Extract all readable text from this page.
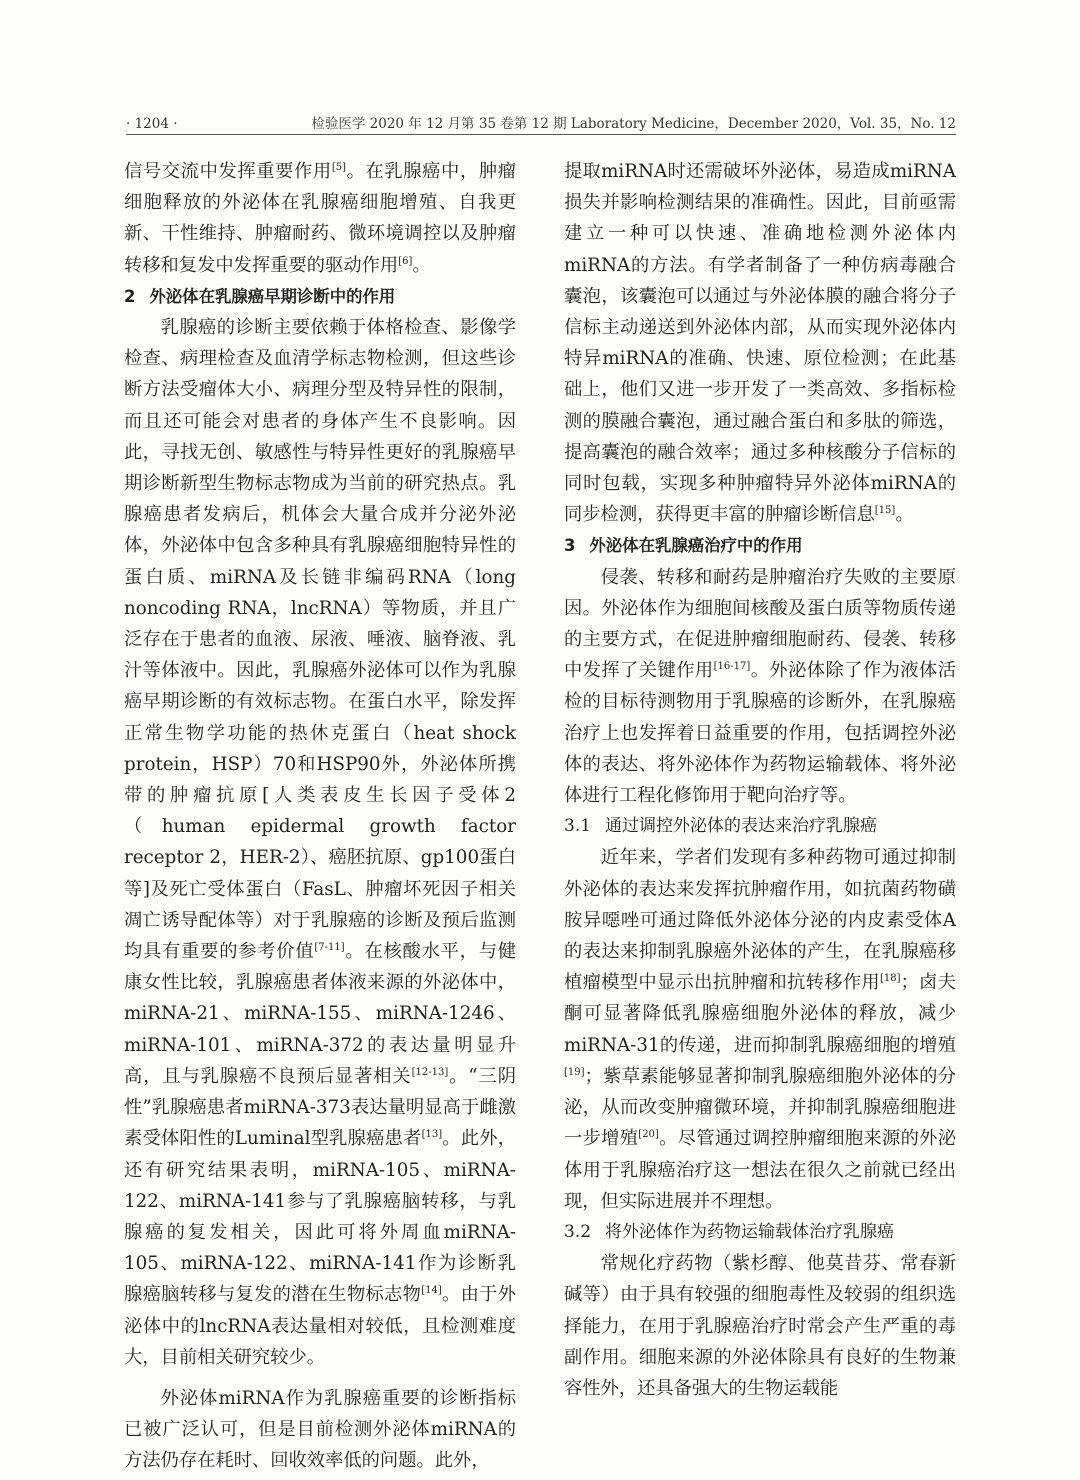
· 1204 ·	检验医学 2020 年 12 月第 35 卷第 12 期 Laboratory Medicine，December 2020，Vol. 35，No. 12

信号交流中发挥重要作用[5]。在乳腺癌中，肿瘤细胞释放的外泌体在乳腺癌细胞增殖、自我更新、干性维持、肿瘤耐药、微环境调控以及肿瘤转移和复发中发挥重要的驱动作用[6]。

2 外泌体在乳腺癌早期诊断中的作用

乳腺癌的诊断主要依赖于体格检查、影像学检查、病理检查及血清学标志物检测，但这些诊断方法受瘤体大小、病理分型及特异性的限制，而且还可能会对患者的身体产生不良影响。因此，寻找无创、敏感性与特异性更好的乳腺癌早期诊断新型生物标志物成为当前的研究热点。乳腺癌患者发病后，机体会大量合成并分泌外泌体，外泌体中包含多种具有乳腺癌细胞特异性的蛋白质、miRNA及长链非编码RNA（long noncoding RNA，lncRNA）等物质，并且广泛存在于患者的血液、尿液、唾液、脑脊液、乳汁等体液中。因此，乳腺癌外泌体可以作为乳腺癌早期诊断的有效标志物。在蛋白水平，除发挥正常生物学功能的热休克蛋白（heat shock protein，HSP）70和HSP90外，外泌体所携带的肿瘤抗原[人类表皮生长因子受体2（human epidermal growth factor receptor 2，HER-2）、癌胚抗原、gp100蛋白等]及死亡受体蛋白（FasL、肿瘤坏死因子相关凋亡诱导配体等）对于乳腺癌的诊断及预后监测均具有重要的参考价值[7-11]。在核酸水平，与健康女性比较，乳腺癌患者体液来源的外泌体中，miRNA-21、miRNA-155、miRNA-1246、miRNA-101、miRNA-372的表达量明显升高，且与乳腺癌不良预后显著相关[12-13]。“三阴性”乳腺癌患者miRNA-373表达量明显高于雌激素受体阳性的Luminal型乳腺癌患者[13]。此外，还有研究结果表明，miRNA-105、miRNA-122、miRNA-141参与了乳腺癌脑转移，与乳腺癌的复发相关，因此可将外周血miRNA-105、miRNA-122、miRNA-141作为诊断乳腺癌脑转移与复发的潜在生物标志物[14]。由于外泌体中的lncRNA表达量相对较低，且检测难度大，目前相关研究较少。

外泌体miRNA作为乳腺癌重要的诊断指标已被广泛认可，但是目前检测外泌体miRNA的方法仍存在耗时、回收效率低的问题。此外，

提取miRNA时还需破坏外泌体，易造成miRNA损失并影响检测结果的准确性。因此，目前亟需建立一种可以快速、准确地检测外泌体内miRNA的方法。有学者制备了一种仿病毒融合囊泡，该囊泡可以通过与外泌体膜的融合将分子信标主动递送到外泌体内部，从而实现外泌体内特异miRNA的准确、快速、原位检测；在此基础上，他们又进一步开发了一类高效、多指标检测的膜融合囊泡，通过融合蛋白和多肽的筛选，提高囊泡的融合效率；通过多种核酸分子信标的同时包载，实现多种肿瘤特异外泌体miRNA的同步检测，获得更丰富的肿瘤诊断信息[15]。

3 外泌体在乳腺癌治疗中的作用

侵袭、转移和耐药是肿瘤治疗失败的主要原因。外泌体作为细胞间核酸及蛋白质等物质传递的主要方式，在促进肿瘤细胞耐药、侵袭、转移中发挥了关键作用[16-17]。外泌体除了作为液体活检的目标待测物用于乳腺癌的诊断外，在乳腺癌治疗上也发挥着日益重要的作用，包括调控外泌体的表达、将外泌体作为药物运输载体、将外泌体进行工程化修饰用于靶向治疗等。

3.1 通过调控外泌体的表达来治疗乳腺癌

近年来，学者们发现有多种药物可通过抑制外泌体的表达来发挥抗肿瘤作用，如抗菌药物磺胺异噁唑可通过降低外泌体分泌的内皮素受体A的表达来抑制乳腺癌外泌体的产生，在乳腺癌移植瘤模型中显示出抗肿瘤和抗转移作用[18]；卤夫酮可显著降低乳腺癌细胞外泌体的释放，减少miRNA-31的传递，进而抑制乳腺癌细胞的增殖[19]；紫草素能够显著抑制乳腺癌细胞外泌体的分泌，从而改变肿瘤微环境，并抑制乳腺癌细胞进一步增殖[20]。尽管通过调控肿瘤细胞来源的外泌体用于乳腺癌治疗这一想法在很久之前就已经出现，但实际进展并不理想。

3.2 将外泌体作为药物运输载体治疗乳腺癌

常规化疗药物（紫杉醇、他莫昔芬、常春新碱等）由于具有较强的细胞毒性及较弱的组织选择能力，在用于乳腺癌治疗时常会产生严重的毒副作用。细胞来源的外泌体除具有良好的生物兼容性外，还具备强大的生物运载能
